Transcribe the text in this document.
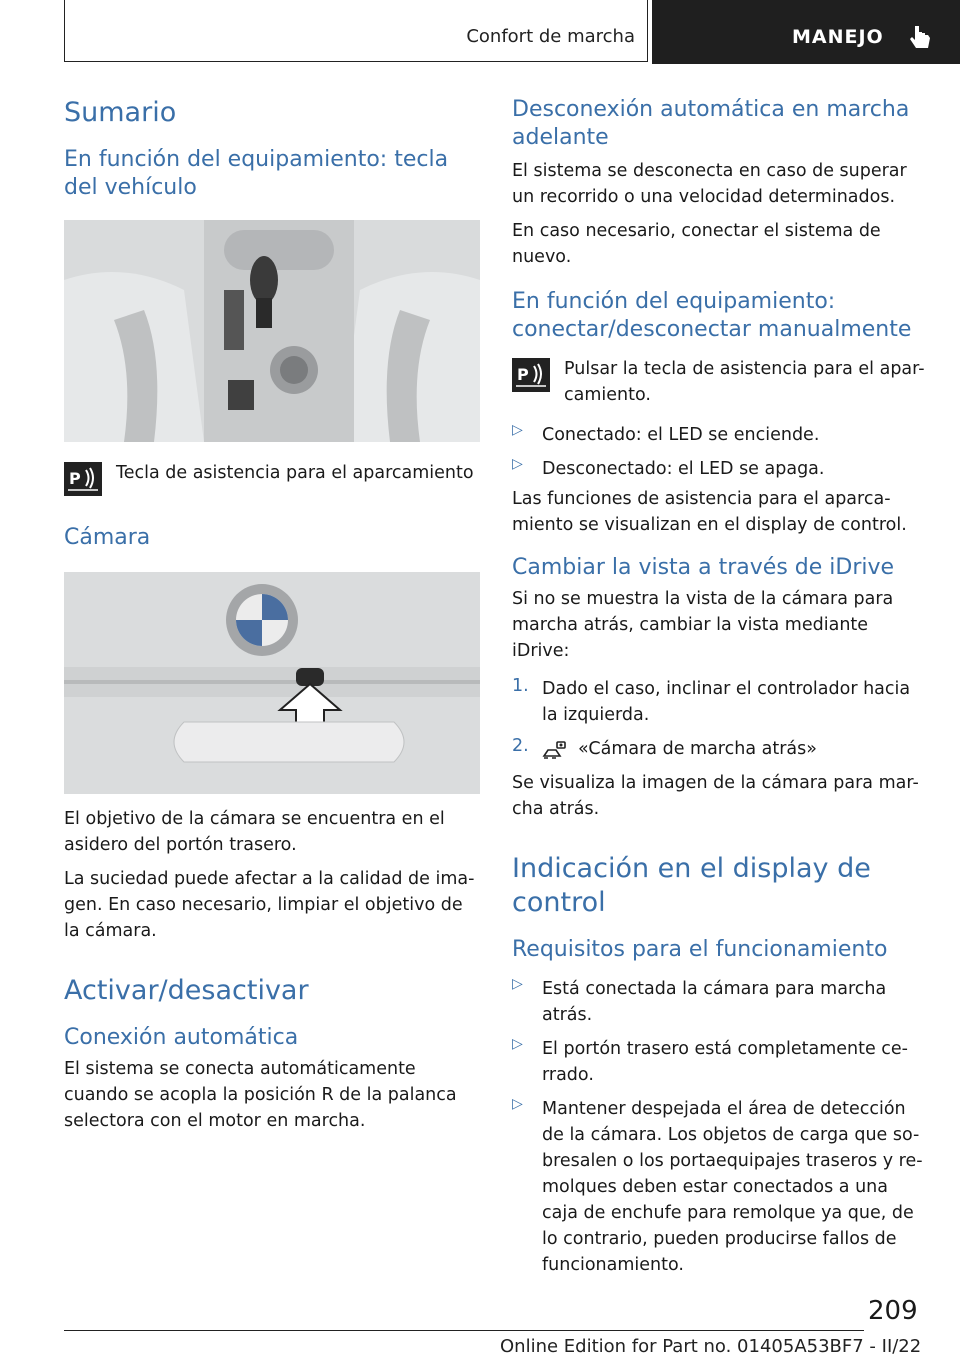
Confort de marcha	MANEJO
Sumario
En función del equipamiento: tecla del vehículo
P Tecla de asistencia para el aparcamiento

Cámara

El objetivo de la cámara se encuentra en el asidero del portón trasero.

La suciedad puede afectar a la calidad de ima-gen. En caso necesario, limpiar el objetivo de la cámara.

Activar/desactivar
Conexión automática

El sistema se conecta automáticamente cuando se acopla la posición R de la palanca selectora con el motor en marcha.

Desconexión automática en marcha adelante

El sistema se desconecta en caso de superar un recorrido o una velocidad determinados.

En caso necesario, conectar el sistema de nuevo.

En función del equipamiento: conectar/desconectar manualmente
P Pulsar la tecla de asistencia para el apar-camiento.

▷ Conectado: el LED se enciende.

▷ Desconectado: el LED se apaga.

Las funciones de asistencia para el aparca-miento se visualizan en el display de control.

Cambiar la vista a través de iDrive

Si no se muestra la vista de la cámara para marcha atrás, cambiar la vista mediante iDrive:

1. Dado el caso, inclinar el controlador hacia la izquierda.

2.	«Cámara de marcha atrás»

Se visualiza la imagen de la cámara para mar-cha atrás.

Indicación en el display de control
Requisitos para el funcionamiento
▷ Está conectada la cámara para marcha atrás.

▷ El portón trasero está completamente ce-rrado.

▷ Mantener despejada el área de detección de la cámara. Los objetos de carga que so-bresalen o los portaequipajes traseros y re-molques deben estar conectados a una caja de enchufe para remolque ya que, de lo contrario, pueden producirse fallos de funcionamiento.

209
Online Edition for Part no. 01405A53BF7 - II/22
